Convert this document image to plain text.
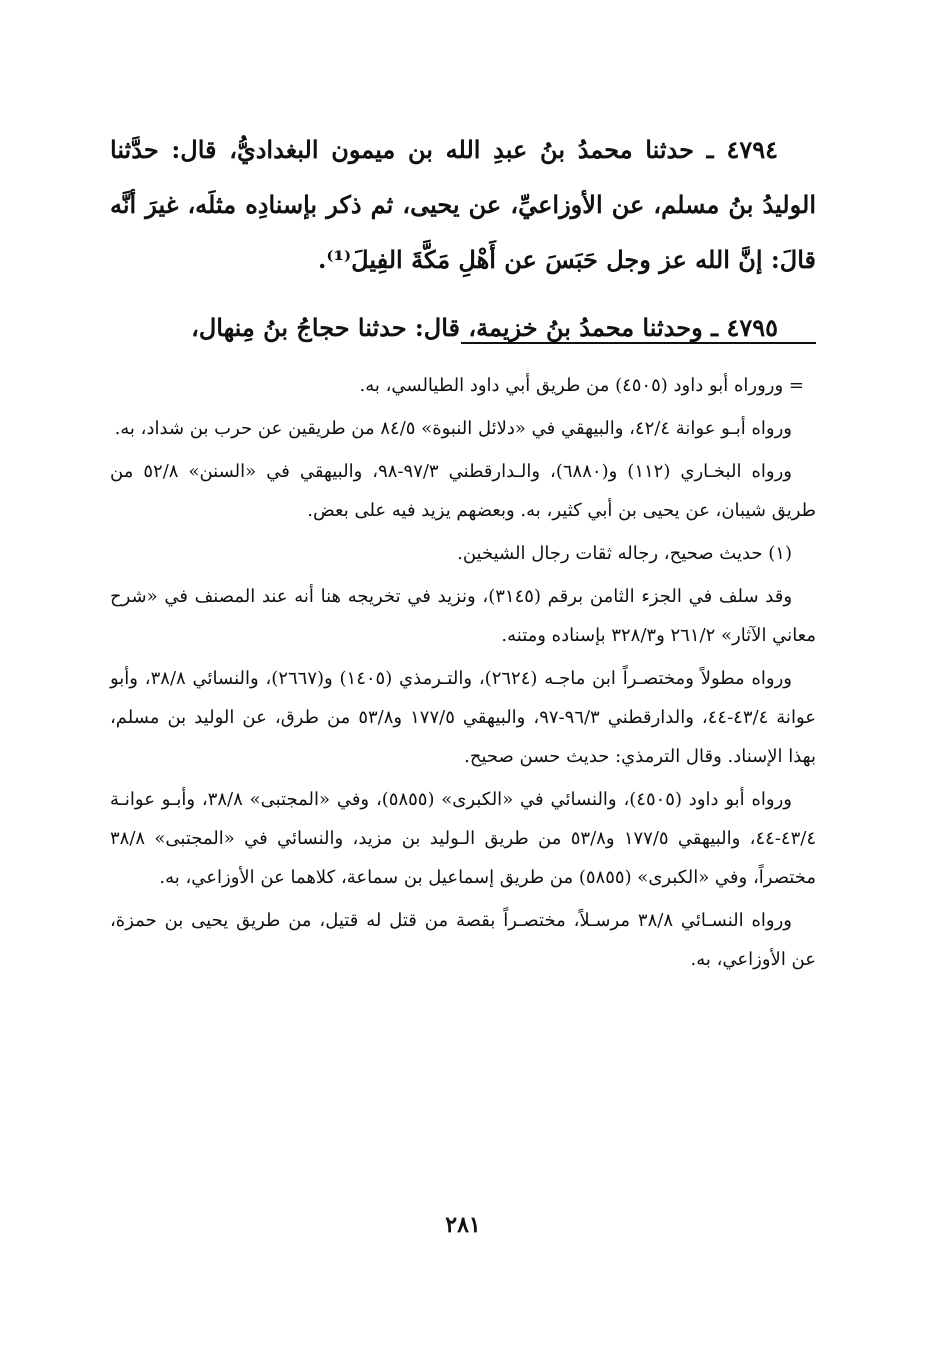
٤٧٩٤ ـ حدثنا محمدُ بنُ عبدِ الله بن ميمون البغداديُّ، قال: حدَّثنا الوليدُ بنُ مسلم، عن الأوزاعيِّ، عن يحيى، ثم ذكر بإسنادِه مثلَه، غيرَ أنَّه قالَ: إنَّ الله عز وجل حَبَسَ عن أَهْلِ مَكَّةَ الفِيلَ⁽¹⁾.

٤٧٩٥ ـ وحدثنا محمدُ بنُ خزيمة، قال: حدثنا حجاجُ بنُ مِنهال،

= وروراه أبو داود (٤٥٠٥) من طريق أبي داود الطيالسي، به.

ورواه أبـو عوانة ٤٢/٤، والبيهقي في «دلائل النبوة» ٨٤/٥ من طريقين عن حرب بن شداد، به.

ورواه البخـاري (١١٢) و(٦٨٨٠)، والـدارقطني ٩٧/٣-٩٨، والبيهقي في «السنن» ٥٢/٨ من طريق شيبان، عن يحيى بن أبي كثير، به. وبعضهم يزيد فيه على بعض.

(١) حديث صحيح، رجاله ثقات رجال الشيخين.

وقد سلف في الجزء الثامن برقم (٣١٤٥)، ونزيد في تخريجه هنا أنه عند المصنف في «شرح معاني الآثار» ٢٦١/٢ و٣٢٨/٣ بإسناده ومتنه.

ورواه مطولاً ومختصـراً ابن ماجـه (٢٦٢٤)، والتـرمذي (١٤٠٥) و(٢٦٦٧)، والنسائي ٣٨/٨، وأبو عوانة ٤٣/٤-٤٤، والدارقطني ٩٦/٣-٩٧، والبيهقي ١٧٧/٥ و٥٣/٨ من طرق، عن الوليد بن مسلم، بهذا الإسناد. وقال الترمذي: حديث حسن صحيح.

ورواه أبو داود (٤٥٠٥)، والنسائي في «الكبرى» (٥٨٥٥)، وفي «المجتبى» ٣٨/٨، وأبـو عوانـة ٤٣/٤-٤٤، والبيهقي ١٧٧/٥ و٥٣/٨ من طريق الـوليد بن مزيد، والنسائي في «المجتبى» ٣٨/٨ مختصراً، وفي «الكبرى» (٥٨٥٥) من طريق إسماعيل بن سماعة، كلاهما عن الأوزاعي، به.

ورواه النسـائي ٣٨/٨ مرسـلاً، مختصـراً بقصة من قتل له قتيل، من طريق يحيى بن حمزة، عن الأوزاعي، به.

٢٨١
